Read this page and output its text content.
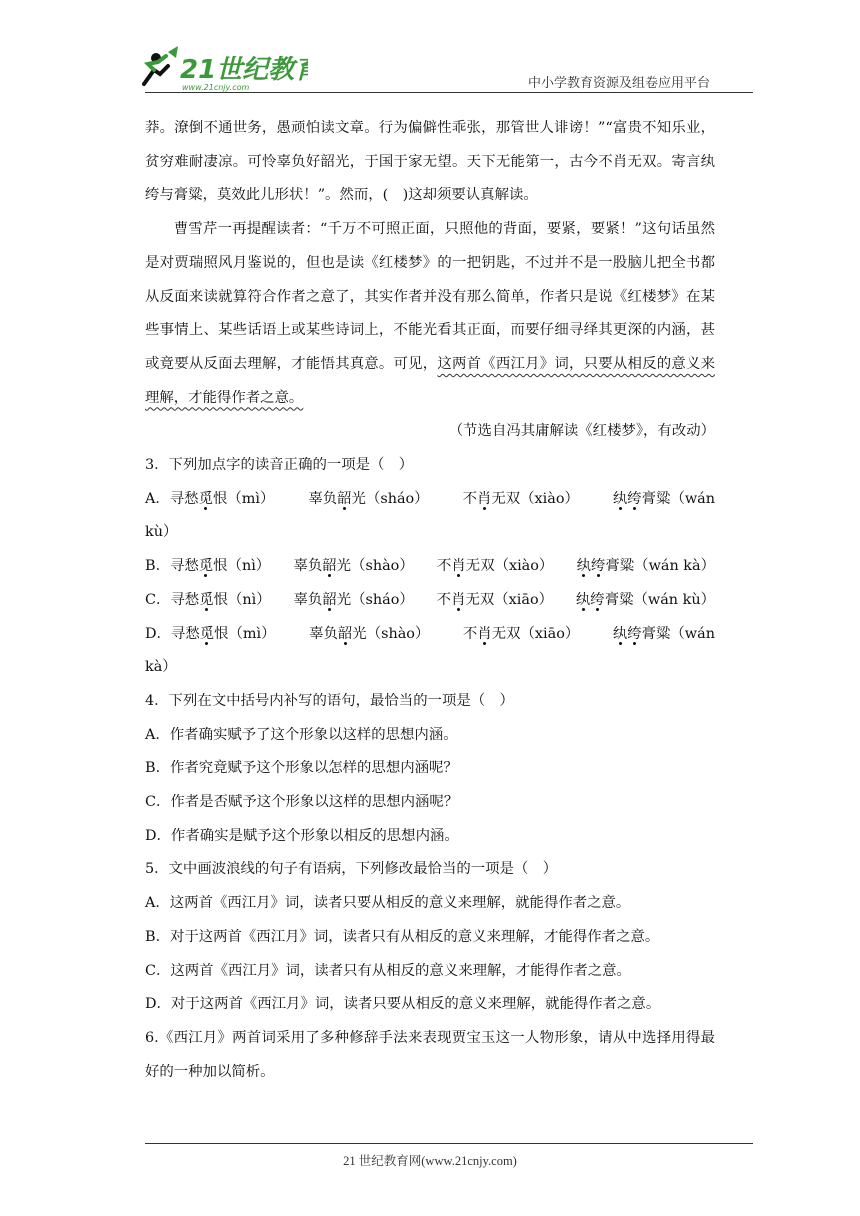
21世纪教育
www.21cnjy.com	中小学教育资源及组卷应用平台

莽。潦倒不通世务，愚顽怕读文章。行为偏僻性乖张，那管世人诽谤！”“富贵不知乐业，贫穷难耐凄凉。可怜辜负好韶光，于国于家无望。天下无能第一，古今不肖无双。寄言纨绔与膏粱，莫效此儿形状！”。然而，(　)这却须要认真解读。

曹雪芹一再提醒读者：“千万不可照正面，只照他的背面，要紧，要紧！”这句话虽然是对贾瑞照风月鉴说的，但也是读《红楼梦》的一把钥匙，不过并不是一股脑儿把全书都从反面来读就算符合作者之意了，其实作者并没有那么简单，作者只是说《红楼梦》在某些事情上、某些话语上或某些诗词上，不能光看其正面，而要仔细寻绎其更深的内涵，甚或竟要从反面去理解，才能悟其真意。可见，这两首《西江月》词，只要从相反的意义来理解，才能得作者之意。

（节选自冯其庸解读《红楼梦》，有改动）

3．下列加点字的读音正确的一项是（　）

A．寻愁觅恨（mì） 辜负韶光（sháo） 不肖无双（xiào） 纨绔膏粱（wán

kù）

B．寻愁觅恨（nì） 辜负韶光（shào） 不肖无双（xiào） 纨绔膏粱（wán kà）
C．寻愁觅恨（nì） 辜负韶光（sháo） 不肖无双（xiāo） 纨绔膏粱（wán kù）
D．寻愁觅恨（mì） 辜负韶光（shào） 不肖无双（xiāo） 纨绔膏粱（wán

kà）

4．下列在文中括号内补写的语句，最恰当的一项是（　）

A．作者确实赋予了这个形象以这样的思想内涵。

B．作者究竟赋予这个形象以怎样的思想内涵呢？

C．作者是否赋予这个形象以这样的思想内涵呢？

D．作者确实是赋予这个形象以相反的思想内涵。

5．文中画波浪线的句子有语病，下列修改最恰当的一项是（　）

A．这两首《西江月》词，读者只要从相反的意义来理解，就能得作者之意。

B．对于这两首《西江月》词，读者只有从相反的意义来理解，才能得作者之意。

C．这两首《西江月》词，读者只有从相反的意义来理解，才能得作者之意。

D．对于这两首《西江月》词，读者只要从相反的意义来理解，就能得作者之意。

6.《西江月》两首词采用了多种修辞手法来表现贾宝玉这一人物形象，请从中选择用得最好的一种加以简析。

21 世纪教育网(www.21cnjy.com)
